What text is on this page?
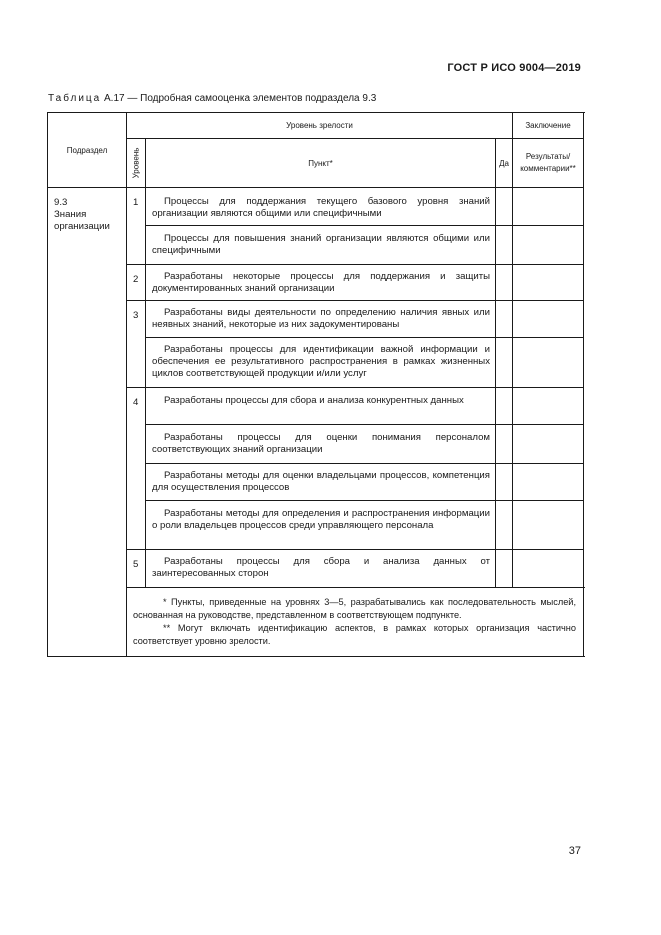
ГОСТ Р ИСО 9004—2019
Таблица А.17 — Подробная самооценка элементов подраздела 9.3
Подраздел	Уровень зрелости			Заключение

	Уровень	Пункт*	Да	Результаты/ комментарии**

9.3
Знания организации	1	Процессы для поддержания текущего базового уровня знаний организации являются общими или специфичными		

		Процессы для повышения знаний организации являются общими или специфичными		

	2	Разработаны некоторые процессы для поддержания и защиты документированных знаний организации		

	3	Разработаны виды деятельности по определению наличия явных или неявных знаний, некоторые из них задокументированы		

		Разработаны процессы для идентификации важной информации и обеспечения ее результативного распространения в рамках жизненных циклов соответствующей продукции и/или услуг		

	4	Разработаны процессы для сбора и анализа конкурентных данных		

		Разработаны процессы для оценки понимания персоналом соответствующих знаний организации		

		Разработаны методы для оценки владельцами процессов, компетенция для осуществления процессов		

		Разработаны методы для определения и распространения информации о роли владельцев процессов среди управляющего персонала		

	5	Разработаны процессы для сбора и анализа данных от заинтересованных сторон		

	* Пункты, приведенные на уровнях 3—5, разрабатывались как последовательность мыслей, основанная на руководстве, представленном в соответствующем подпункте.

** Могут включать идентификацию аспектов, в рамках которых организация частично соответствует уровню зрелости.			

37
